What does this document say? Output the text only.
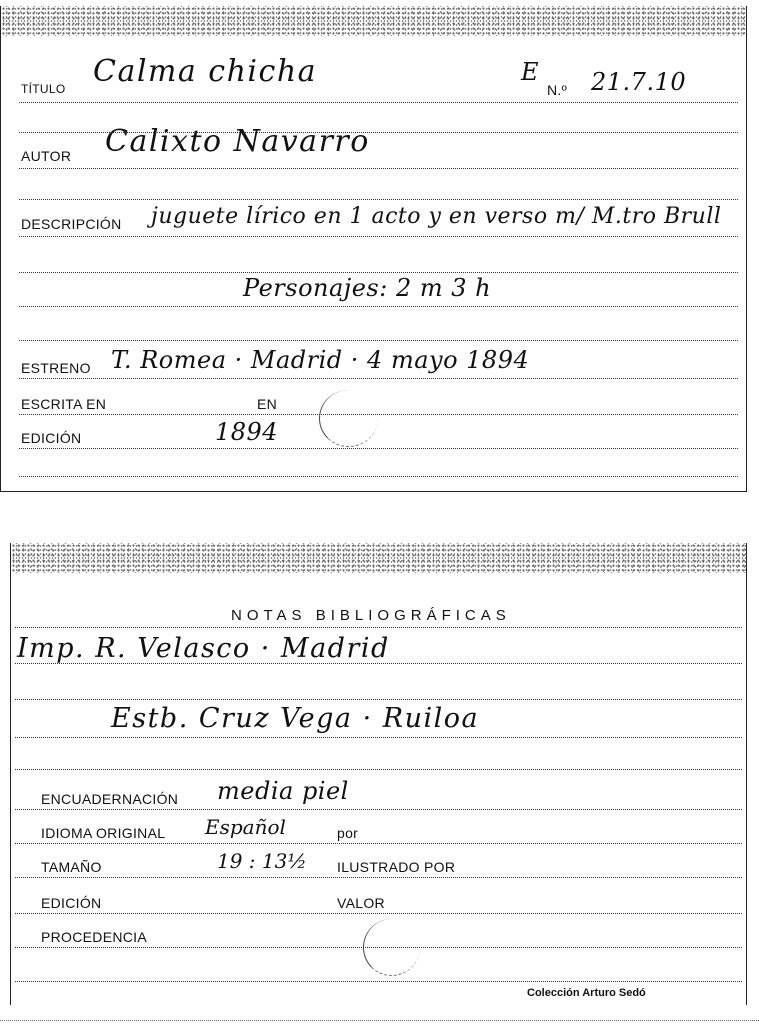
TÍTULO Calma chicha	E
N.º 21.7.10
AUTOR Calixto Navarro
DESCRIPCIÓN juguete lírico en 1 acto y en verso m/ M.tro Brull
Personajes: 2 m 3 h
ESTRENO T. Romea · Madrid · 4 mayo 1894
ESCRITA EN	EN
EDICIÓN	1894
NOTAS BIBLIOGRÁFICAS
Imp. R. Velasco · Madrid
Estb. Cruz Vega · Ruiloa
ENCUADERNACIÓN media piel
IDIOMA ORIGINAL Español	por
TAMAÑO	19 : 13½ ILUSTRADO POR
EDICIÓN	VALOR
PROCEDENCIA
Colección Arturo Sedó
